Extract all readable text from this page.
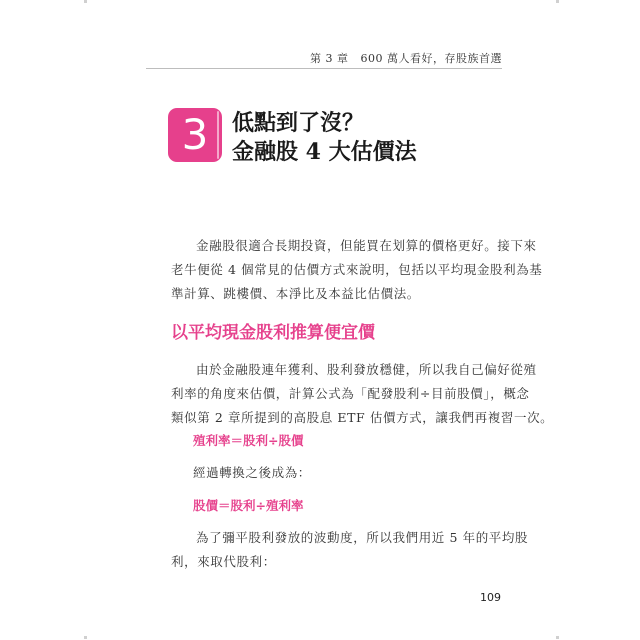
第 3 章 600 萬人看好，存股族首選
3	低點到了沒？
金融股 4 大估價法
金融股很適合長期投資，但能買在划算的價格更好。接下來
老牛便從 4 個常見的估價方式來說明，包括以平均現金股利為基
準計算、跳樓價、本淨比及本益比估價法。
以平均現金股利推算便宜價
由於金融股連年獲利、股利發放穩健，所以我自己偏好從殖
利率的角度來估價，計算公式為「配發股利÷目前股價」，概念
類似第 2 章所提到的高股息 ETF 估價方式，讓我們再複習一次。
殖利率＝股利÷股價
經過轉換之後成為：
股價＝股利÷殖利率
為了彌平股利發放的波動度，所以我們用近 5 年的平均股
利，來取代股利：
109
